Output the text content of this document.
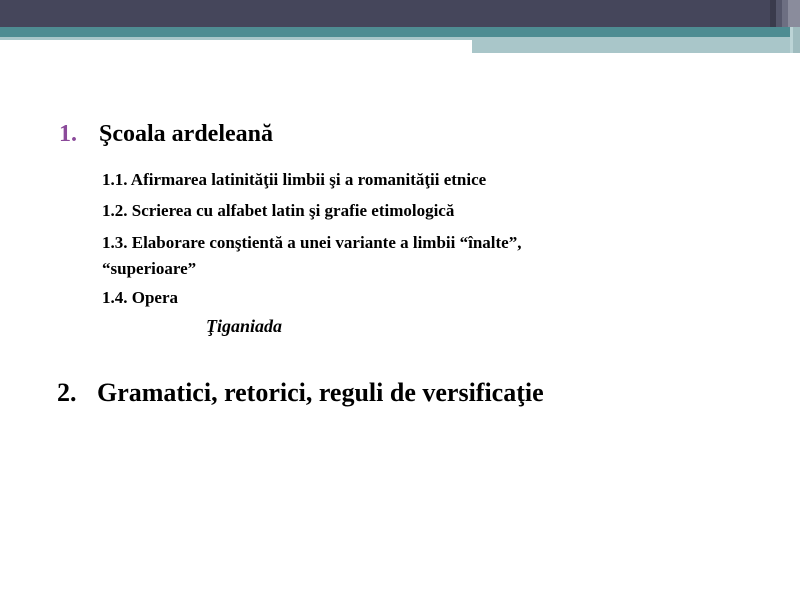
1. Şcoala ardeleană
1.1. Afirmarea latinităţii limbii şi a romanităţii etnice
1.2. Scrierea cu alfabet latin şi grafie etimologică
1.3. Elaborare conştientă a unei variante a limbii “înalte”,
“superioare”
1.4. Opera
Ţiganiada
2. Gramatici, retorici, reguli de versificaţie
